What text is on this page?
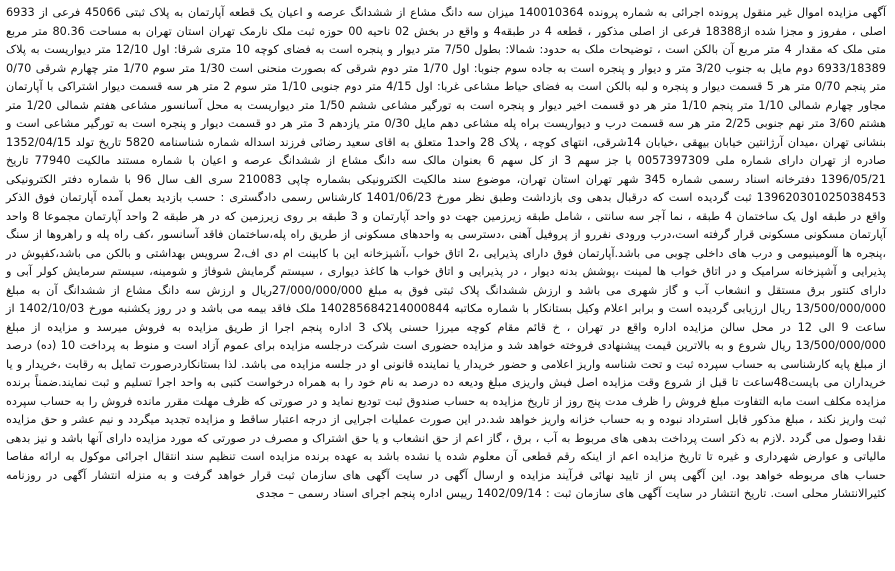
آگهی مزایده اموال غیر منقول پرونده اجرائی به شماره پرونده 140010364 میزان سه دانگ مشاع از ششدانگ عرصه و اعیان یک قطعه آپارتمان به پلاک ثبتی 45066 فرعی از 6933 اصلی ، مفروز و مجزا شده از18388 فرعی از اصلی مذکور ، قطعه 4 در طبقه4 و واقع در بخش 02 ناحیه 00 حوزه ثبت ملک نارمک تهران استان تهران به مساحت 80.36 متر مربع متی ملک که مقدار 4 متر مربع آن بالکن است ، توضیحات ملک به حدود: شمالا: بطول 7/50 متر دیوار و پنجره است به فضای کوچه 10 متری شرقا: اول 12/10 متر دیواریست به پلاک 6933/18389 دوم مایل به جنوب 3/20 متر و دیوار و پنجره است به جاده سوم جنوبا: اول 1/70 متر دوم شرقی که بصورت منحنی است 1/30 متر سوم 1/70 متر چهارم شرقی 0/70 متر پنجم 0/70 متر هر 5 قسمت دیوار و پنجره و لبه بالکن است به فضای حیاط مشاعی غربا: اول 4/15 متر دوم جنوبی 1/10 متر سوم 2 متر هر سه قسمت دیوار اشتراکی با آپارتمان مجاور چهارم شمالی 1/10 متر پنجم 1/10 متر هر دو قسمت اخیر دیوار و پنجره است به تورگیر مشاعی ششم 1/50 متر دیواریست به محل آسانسور مشاعی هفتم شمالی 1/20 متر هشتم 3/60 متر نهم جنوبی 2/25 متر هر سه قسمت درب و دیواریست براه پله مشاعی دهم مایل 0/30 متر یازدهم 3 متر هر دو قسمت دیوار و پنجره است به تورگیر مشاعی است و بنشانی تهران ،میدان آرژانتین خیابان بیهقی ،خیابان 14شرقی، انتهای کوچه ، پلاک 28 واحد1 متعلق به اقای سعید رضائی فرزند اسداله شماره شناسنامه 5820 تاریخ تولد 1352/04/15 صادره از تهران دارای شماره ملی 0057397309 با جز سهم 3 از کل سهم 6 بعنوان مالک سه دانگ مشاع از ششدانگ عرصه و اعیان با شماره مستند مالکیت 77940 تاریخ 1396/05/21 دفترخانه اسناد رسمی شماره 345 شهر تهران استان تهران، موضوع سند مالکیت الکترونیکی بشماره چاپی 210083 سری الف سال 96 با شماره دفتر الکترونیکی 139620301025038453 ثبت گردیده است که درقبال بدهی وی بازداشت وطبق نظر مورخ 1401/06/23 کارشناس رسمی دادگستری : حسب بازدید بعمل آمده آپارتمان فوق الذکر واقع در طبقه اول یک ساختمان 4 طبقه ، نما آجر سه سانتی ، شامل طبقه زیرزمین جهت دو واحد آپارتمان و 3 طبقه بر روی زیرزمین که در هر طبقه 2 واحد آپارتمان مجموعا 8 واحد آپارتمان مسکونی مسکونی قرار گرفته است،درب ورودی نفررو از پروفیل آهنی ،دسترسی به واحدهای مسکونی از طریق راه پله،ساختمان فاقد آسانسور ،کف راه پله و راهروها از سنگ ،پنجره ها آلومینیومی و درب های داخلی چوبی می باشد.آپارتمان فوق دارای پذیرایی ،2 اتاق خواب ،آشپزخانه این با کابینت ام دی اف،2 سرویس بهداشتی و بالکن می باشد،کفپوش در پذیرایی و آشپزخانه سرامیک و در اتاق خواب ها لمینت ،پوشش بدنه دیوار ، در پذیرایی و اتاق خواب ها کاغذ دیواری ، سیستم گرمایش شوفاژ و شومینه، سیستم سرمایش کولر آبی و دارای کنتور برق مستقل و انشعاب آب و گاز شهری می باشد و ارزش ششدانگ پلاک ثبتی فوق به مبلغ 27/000/000/000ریال و ارزش سه دانگ مشاع از ششدانگ آن به مبلغ 13/500/000/000 ریال ارزیابی گردیده است و برابر اعلام وکیل بستانکار با شماره مکاتبه 140285684214000844 ملک فاقد بیمه می باشد و در روز یکشنبه مورخ 1402/10/03 از ساعت 9 الی 12 در محل سالن مزایده اداره واقع در تهران ، خ قائم مقام کوچه میرزا حسنی پلاک 3 اداره پنجم اجرا از طریق مزایده به فروش میرسد و مزایده از مبلغ 13/500/000/000 ریال شروع و به بالاترین قیمت پیشنهادی فروخته خواهد شد و مزایده حضوری است شرکت درجلسه مزایده برای عموم آزاد است و منوط به پرداخت 10 (ده) درصد از مبلغ پایه کارشناسی به حساب سپرده ثبت و تحت شناسه واریز اعلامی و حضور خریدار یا نماینده قانونی او در جلسه مزایده می باشد. لذا بستانکاردرصورت تمایل به رقابت ،خریدار و یا خریداران می بایست48ساعت تا قبل از شروع وقت مزایده اصل فیش واریزی مبلغ ودیعه ده درصد به نام خود را به همراه درخواست کتبی به واحد اجرا تسلیم و ثبت نمایند.ضمناً برنده مزایده مکلف است مابه التفاوت مبلغ فروش را ظرف مدت پنج روز از تاریخ مزایده به حساب صندوق ثبت تودیع نماید و در صورتی که ظرف مهلت مقرر مانده فروش را به حساب سپرده ثبت واریز نکند ، مبلغ مذکور قابل استرداد نبوده و به حساب خزانه واریز خواهد شد.در این صورت عملیات اجرایی از درجه اعتبار ساقط و مزایده تجدید میگردد و نیم عشر و حق مزایده نقدا وصول می گردد .لازم به ذکر است پرداخت بدهی های مربوط به آب ، برق ، گاز اعم از حق انشعاب و یا حق اشتراک و مصرف در صورتی که مورد مزایده دارای آنها باشد و نیز بدهی مالیاتی و عوارض شهرداری و غیره تا تاریخ مزایده اعم از اینکه رقم قطعی آن معلوم شده یا نشده باشد به عهده برنده مزایده است تنظیم سند انتقال اجرائی موکول به ارائه مفاصا حساب های مربوطه خواهد بود. این آگهی پس از تایید نهائی فرآیند مزایده و ارسال آگهی در سایت آگهی های سازمان ثبت قرار خواهد گرفت و به منزله انتشار آگهی در روزنامه کثیرالانتشار محلی است. تاریخ انتشار در سایت آگهی های سازمان ثبت : 1402/09/14 رییس اداره پنجم اجرای اسناد رسمی – مجدی
